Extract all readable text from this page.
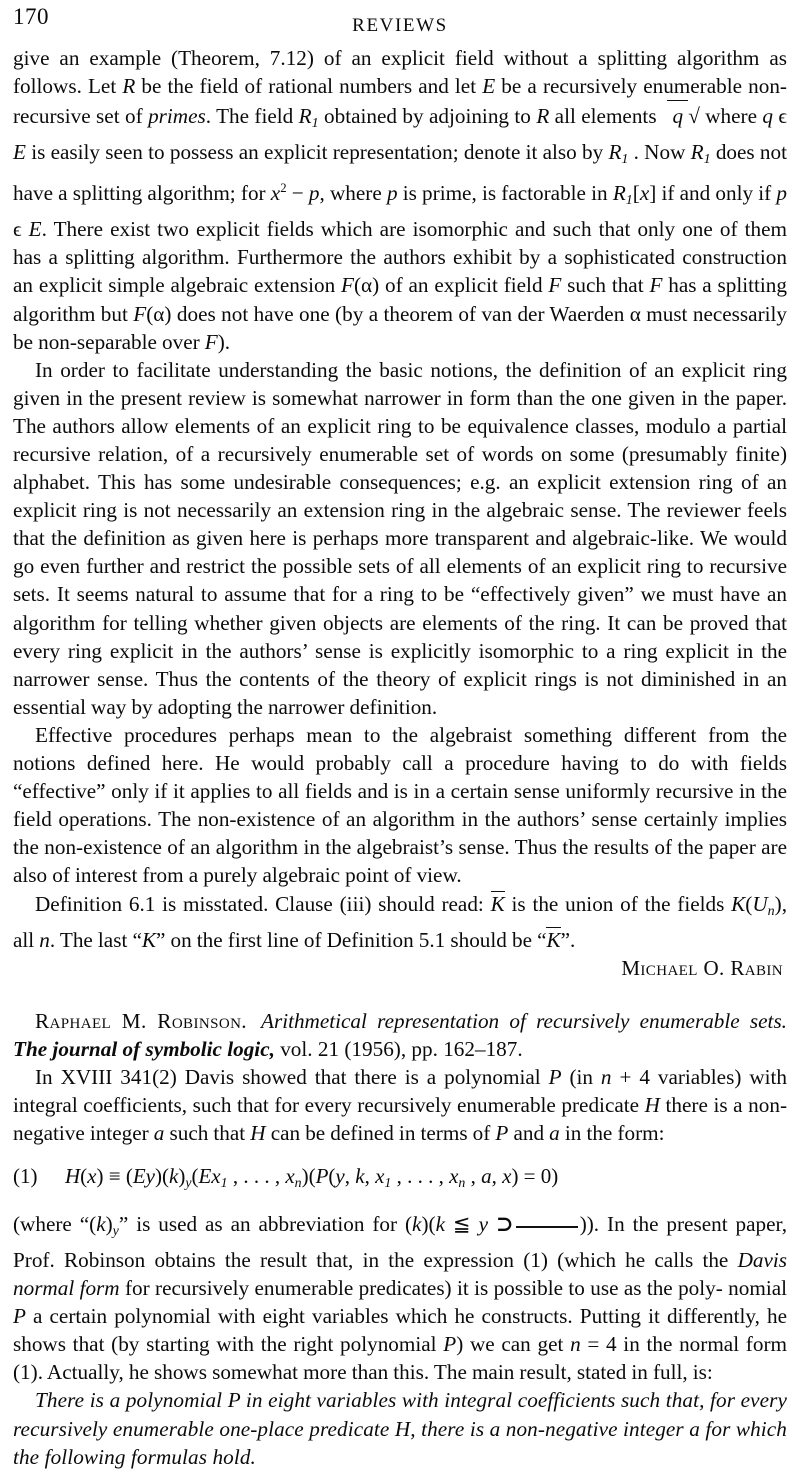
170	REVIEWS

give an example (Theorem, 7.12) of an explicit field without a splitting algorithm as follows. Let R be the field of rational numbers and let E be a recursively enumerable non-recursive set of primes. The field $R_1$ obtained by adjoining to R all elements   q √ where q ϵ E is easily seen to possess an explicit representation; denote it also by $R_1$ . Now $R_1$ does not have a splitting algorithm; for $x^2 - p$, where p is prime, is factorable in $R_1[x]$ if and only if p ϵ E. There exist two explicit fields which are isomorphic and such that only one of them has a splitting algorithm. Furthermore the authors exhibit by a sophisticated construction an explicit simple algebraic extension F(α) of an explicit field F such that F has a splitting algorithm but F(α) does not have one (by a theorem of van der Waerden α must necessarily be non-separable over F).

In order to facilitate understanding the basic notions, the definition of an explicit ring given in the present review is somewhat narrower in form than the one given in the paper. The authors allow elements of an explicit ring to be equivalence classes, modulo a partial recursive relation, of a recursively enumerable set of words on some (presumably finite) alphabet. This has some undesirable consequences; e.g. an explicit extension ring of an explicit ring is not necessarily an extension ring in the algebraic sense. The reviewer feels that the definition as given here is perhaps more transparent and algebraic-like. We would go even further and restrict the possible sets of all elements of an explicit ring to recursive sets. It seems natural to assume that for a ring to be “effectively given” we must have an algorithm for telling whether given objects are elements of the ring. It can be proved that every ring explicit in the authors’ sense is explicitly isomorphic to a ring explicit in the narrower sense. Thus the contents of the theory of explicit rings is not diminished in an essential way by adopting the narrower definition.

Effective procedures perhaps mean to the algebraist something different from the notions defined here. He would probably call a procedure having to do with fields “effective” only if it applies to all fields and is in a certain sense uniformly recursive in the field operations. The non-existence of an algorithm in the authors’ sense certainly implies the non-existence of an algorithm in the algebraist’s sense. Thus the results of the paper are also of interest from a purely algebraic point of view.

Definition 6.1 is misstated. Clause (iii) should read: K is the union of the fields $K(U_n)$, all n. The last “K” on the first line of Definition 5.1 should be “K”.

Michael O. Rabin

Raphael M. Robinson. Arithmetical representation of recursively enumerable sets. The journal of symbolic logic, vol. 21 (1956), pp. 162–187.

In XVIII 341(2) Davis showed that there is a polynomial P (in n + 4 variables) with integral coefficients, such that for every recursively enumerable predicate H there is a non-negative integer a such that H can be defined in terms of P and a in the form:

(1) $H(x) \equiv (Ey)(k)_y(Ex_1$ , . . . , $x_n)(P(y$, k, $x_1$ , . . . , $x_n$ , a, x) = 0)

(where “$(k)_y$” is used as an abbreviation for (k)(k ≦ y ⊃	)). In the present paper, Prof. Robinson obtains the result that, in the expression (1) (which he calls the Davis normal form for recursively enumerable predicates) it is possible to use as the poly- nomial P a certain polynomial with eight variables which he constructs. Putting it differently, he shows that (by starting with the right polynomial P) we can get n = 4 in the normal form (1). Actually, he shows somewhat more than this. The main result, stated in full, is:

There is a polynomial P in eight variables with integral coefficients such that, for every recursively enumerable one-place predicate H, there is a non-negative integer a for which the following formulas hold.
